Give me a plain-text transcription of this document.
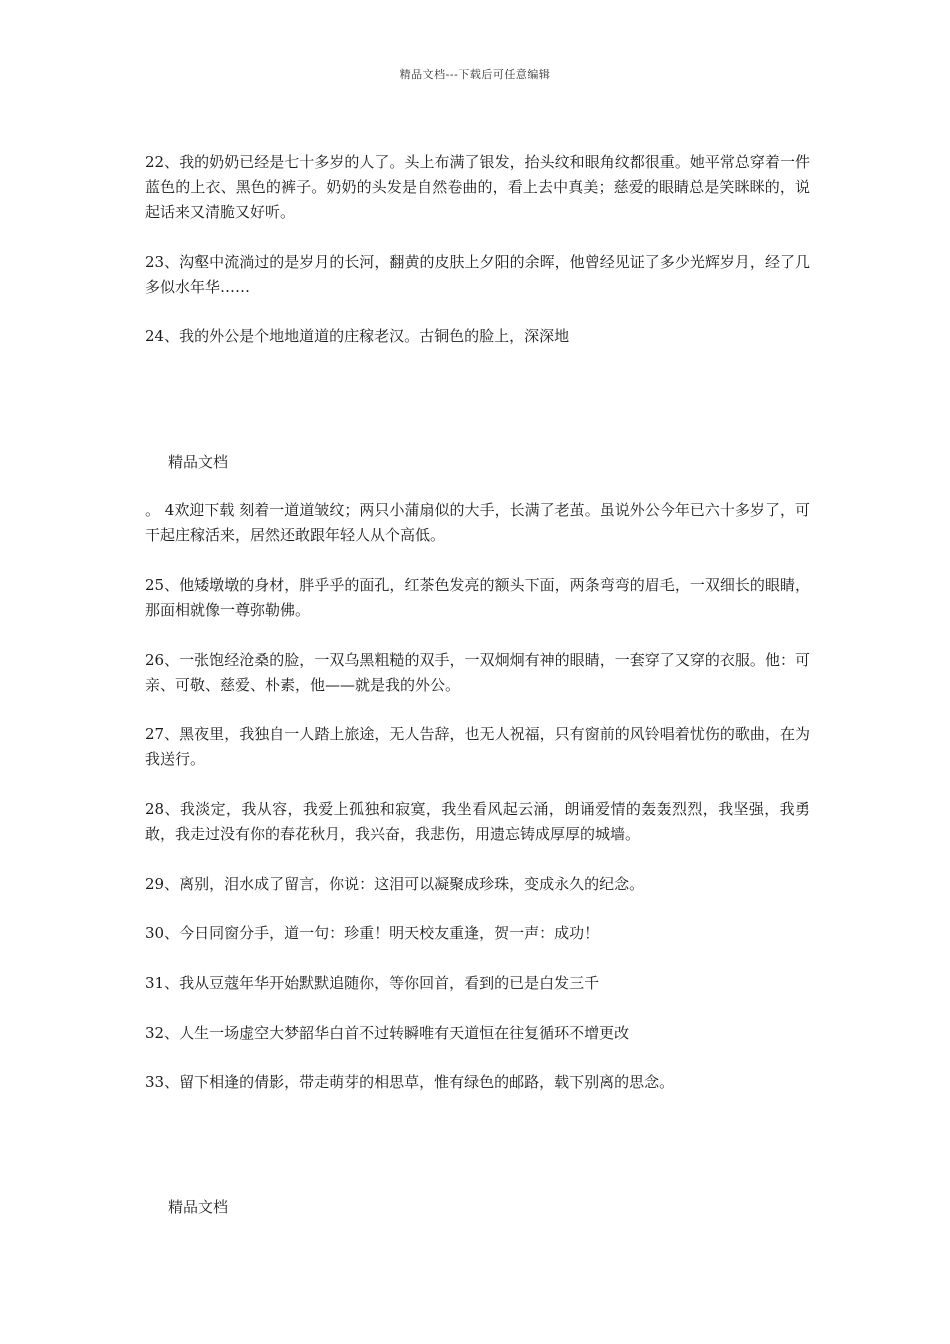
精品文档---下载后可任意编辑

22、我的奶奶已经是七十多岁的人了。头上布满了银发，抬头纹和眼角纹都很重。她平常总穿着一件蓝色的上衣、黑色的裤子。奶奶的头发是自然卷曲的，看上去中真美；慈爱的眼睛总是笑眯眯的，说起话来又清脆又好听。

23、沟壑中流淌过的是岁月的长河，翻黄的皮肤上夕阳的余晖，他曾经见证了多少光辉岁月，经了几多似水年华……

24、我的外公是个地地道道的庄稼老汉。古铜色的脸上，深深地

精品文档

。 4欢迎下载 刻着一道道皱纹；两只小蒲扇似的大手，长满了老茧。虽说外公今年已六十多岁了，可干起庄稼活来，居然还敢跟年轻人从个高低。

25、他矮墩墩的身材，胖乎乎的面孔，红茶色发亮的额头下面，两条弯弯的眉毛，一双细长的眼睛，那面相就像一尊弥勒佛。

26、一张饱经沧桑的脸，一双乌黑粗糙的双手，一双炯炯有神的眼睛，一套穿了又穿的衣服。他：可亲、可敬、慈爱、朴素，他——就是我的外公。

27、黑夜里，我独自一人踏上旅途，无人告辞，也无人祝福，只有窗前的风铃唱着忧伤的歌曲，在为我送行。

28、我淡定，我从容，我爱上孤独和寂寞，我坐看风起云涌，朗诵爱情的轰轰烈烈，我坚强，我勇敢，我走过没有你的春花秋月，我兴奋，我悲伤，用遗忘铸成厚厚的城墙。

29、离别，泪水成了留言，你说：这泪可以凝聚成珍珠，变成永久的纪念。

30、今日同窗分手，道一句：珍重！明天校友重逢，贺一声：成功！

31、我从豆蔻年华开始默默追随你，等你回首，看到的已是白发三千

32、人生一场虚空大梦韶华白首不过转瞬唯有天道恒在往复循环不增更改

33、留下相逢的倩影，带走萌芽的相思草，惟有绿色的邮路，载下别离的思念。

精品文档
